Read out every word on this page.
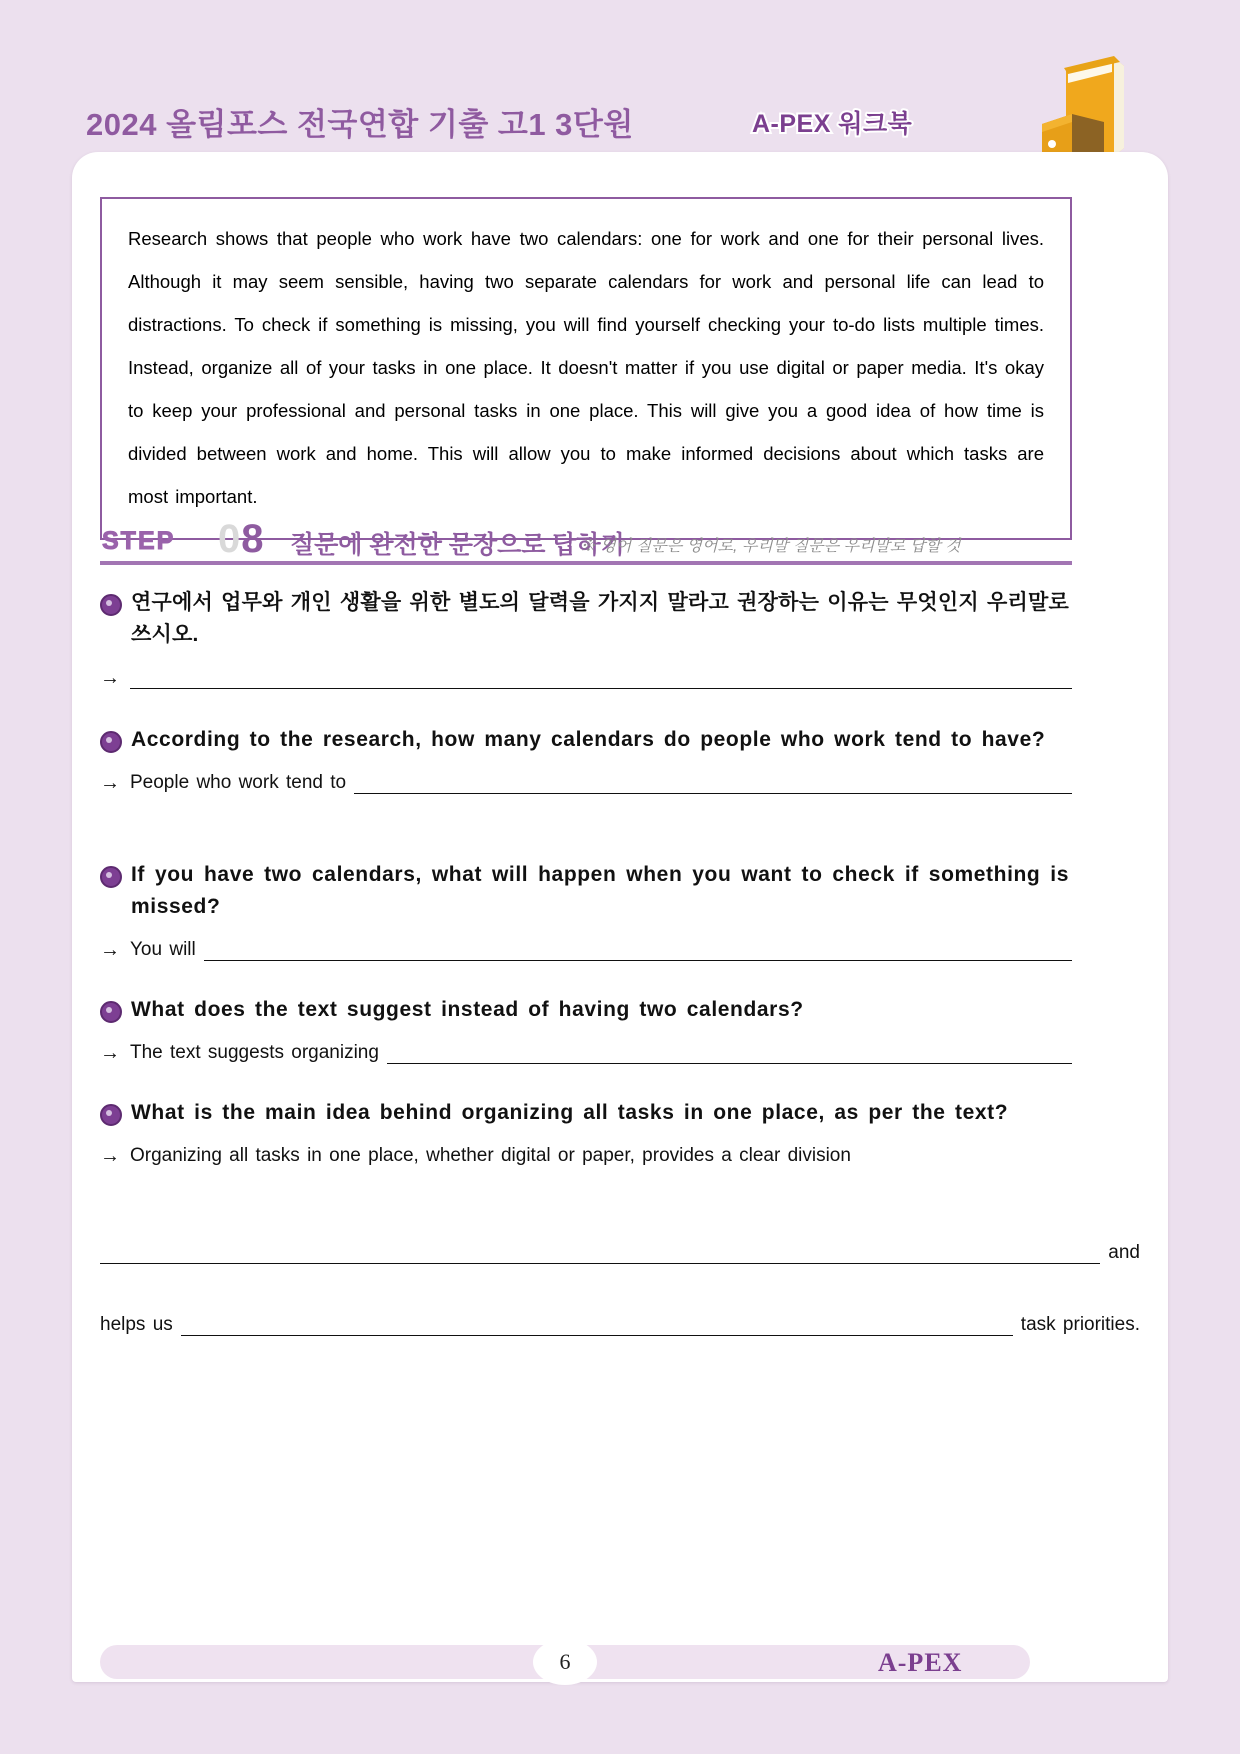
2024 올림포스 전국연합 기출 고1 3단원	A-PEX 워크북

Research shows that people who work have two calendars: one for work and one for their personal lives. Although it may seem sensible, having two separate calendars for work and personal life can lead to distractions. To check if something is missing, you will find yourself checking your to-do lists multiple times. Instead, organize all of your tasks in one place. It doesn't matter if you use digital or paper media. It's okay to keep your professional and personal tasks in one place. This will give you a good idea of how time is divided between work and home. This will allow you to make informed decisions about which tasks are most important.

STEP 08 질문에 완전한 문장으로 답하기
※ 영어 질문은 영어로, 우리말 질문은 우리말로 답할 것
연구에서 업무와 개인 생활을 위한 별도의 달력을 가지지 말라고 권장하는 이유는 무엇인지 우리말로 쓰시오.
→
According to the research, how many calendars do people who work tend to have?
→ People who work tend to
If you have two calendars, what will happen when you want to check if something is missed?
→ You will
What does the text suggest instead of having two calendars?
→ The text suggests organizing
What is the main idea behind organizing all tasks in one place, as per the text?
→ Organizing all tasks in one place, whether digital or paper, provides a clear division
and
helps us	task priorities.
6	A-PEX
